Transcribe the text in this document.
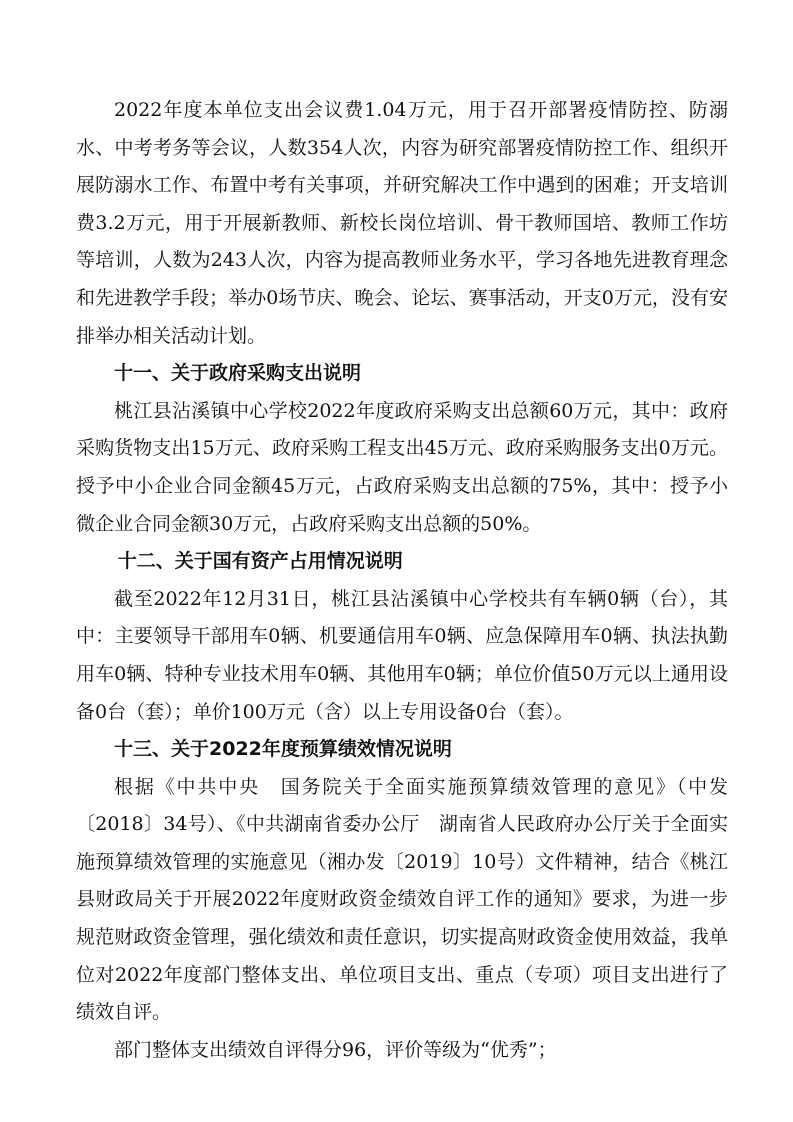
2022年度本单位支出会议费1.04万元，用于召开部署疫情防控、防溺水、中考考务等会议，人数354人次，内容为研究部署疫情防控工作、组织开展防溺水工作、布置中考有关事项，并研究解决工作中遇到的困难；开支培训费3.2万元，用于开展新教师、新校长岗位培训、骨干教师国培、教师工作坊等培训，人数为243人次，内容为提高教师业务水平，学习各地先进教育理念和先进教学手段；举办0场节庆、晚会、论坛、赛事活动，开支0万元，没有安排举办相关活动计划。

十一、关于政府采购支出说明

桃江县沾溪镇中心学校2022年度政府采购支出总额60万元，其中：政府采购货物支出15万元、政府采购工程支出45万元、政府采购服务支出0万元。授予中小企业合同金额45万元，占政府采购支出总额的75%，其中：授予小微企业合同金额30万元，占政府采购支出总额的50%。

十二、关于国有资产占用情况说明

截至2022年12月31日，桃江县沾溪镇中心学校共有车辆0辆（台），其中：主要领导干部用车0辆、机要通信用车0辆、应急保障用车0辆、执法执勤用车0辆、特种专业技术用车0辆、其他用车0辆；单位价值50万元以上通用设备0台（套）；单价100万元（含）以上专用设备0台（套）。

十三、关于2022年度预算绩效情况说明

根据《中共中央　国务院关于全面实施预算绩效管理的意见》（中发〔2018〕34号）、《中共湖南省委办公厅　湖南省人民政府办公厅关于全面实施预算绩效管理的实施意见（湘办发〔2019〕10号）文件精神，结合《桃江县财政局关于开展2022年度财政资金绩效自评工作的通知》要求，为进一步规范财政资金管理，强化绩效和责任意识，切实提高财政资金使用效益，我单位对2022年度部门整体支出、单位项目支出、重点（专项）项目支出进行了绩效自评。

部门整体支出绩效自评得分96，评价等级为“优秀”；
